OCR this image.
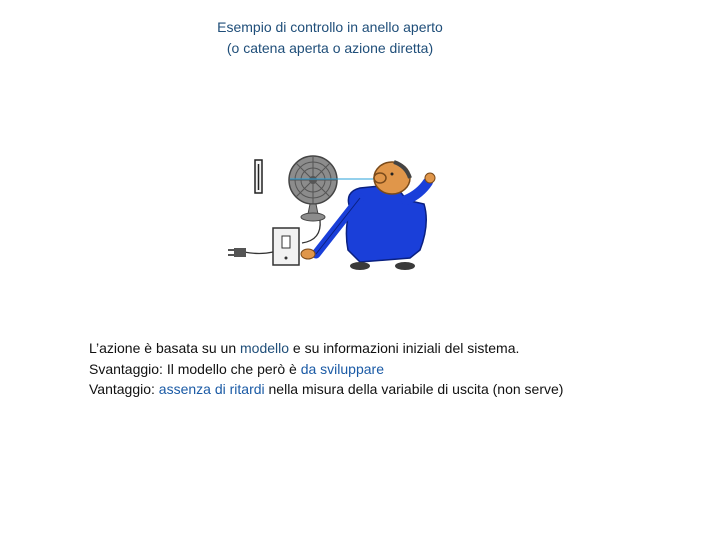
Esempio di controllo in anello aperto
(o catena aperta o azione diretta)

L’azione è basata su un modello e su informazioni iniziali del sistema.

Svantaggio: Il modello che però è da sviluppare

Vantaggio: assenza di ritardi nella misura della variabile di uscita (non serve)
